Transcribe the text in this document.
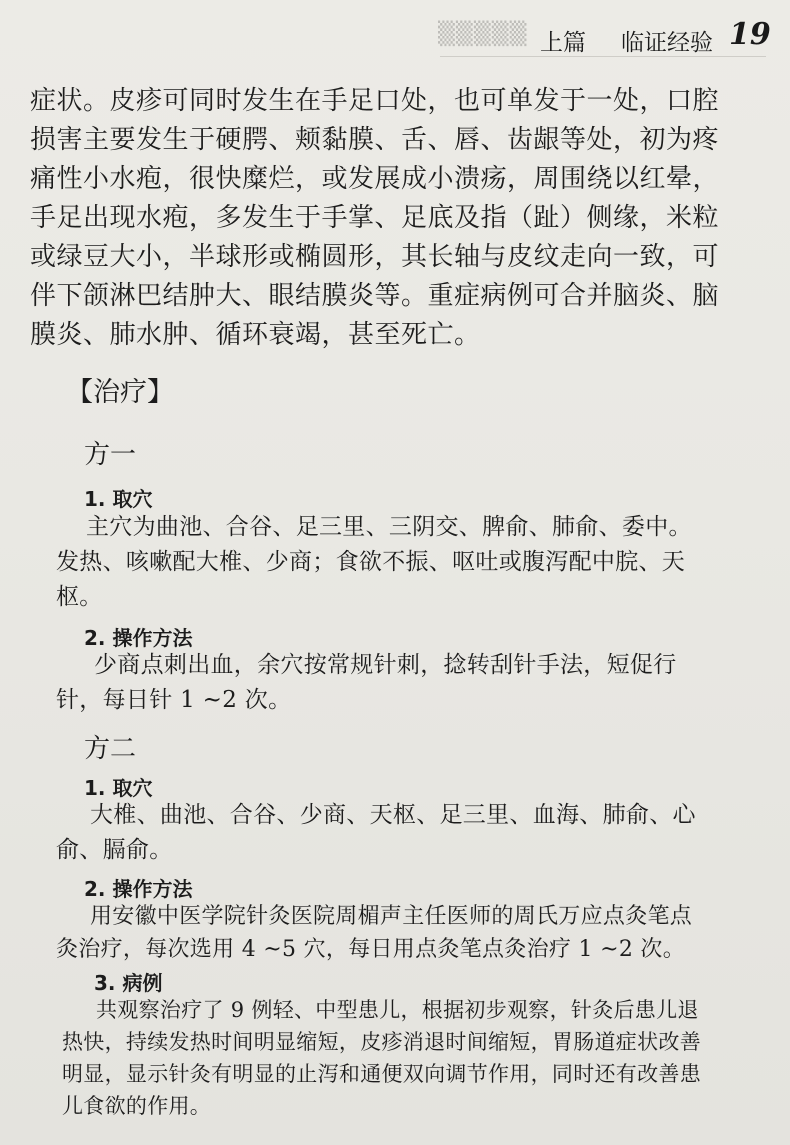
▒▒▒▒▒ 上篇 临证经验 19
症状。皮疹可同时发生在手足口处，也可单发于一处，口腔损害主要发生于硬腭、颊黏膜、舌、唇、齿龈等处，初为疼痛性小水疱，很快糜烂，或发展成小溃疡，周围绕以红晕，手足出现水疱，多发生于手掌、足底及指（趾）侧缘，米粒或绿豆大小，半球形或椭圆形，其长轴与皮纹走向一致，可伴下颌淋巴结肿大、眼结膜炎等。重症病例可合并脑炎、脑膜炎、肺水肿、循环衰竭，甚至死亡。
【治疗】
方一
1. 取穴
主穴为曲池、合谷、足三里、三阴交、脾俞、肺俞、委中。发热、咳嗽配大椎、少商；食欲不振、呕吐或腹泻配中脘、天枢。
2. 操作方法
少商点刺出血，余穴按常规针刺，捻转刮针手法，短促行针，每日针 1 ~2 次。
方二
1. 取穴
大椎、曲池、合谷、少商、天枢、足三里、血海、肺俞、心俞、膈俞。
2. 操作方法
用安徽中医学院针灸医院周楣声主任医师的周氏万应点灸笔点灸治疗，每次选用 4 ~5 穴，每日用点灸笔点灸治疗 1 ~2 次。
3. 病例
共观察治疗了 9 例轻、中型患儿，根据初步观察，针灸后患儿退热快，持续发热时间明显缩短，皮疹消退时间缩短，胃肠道症状改善明显，显示针灸有明显的止泻和通便双向调节作用，同时还有改善患儿食欲的作用。
